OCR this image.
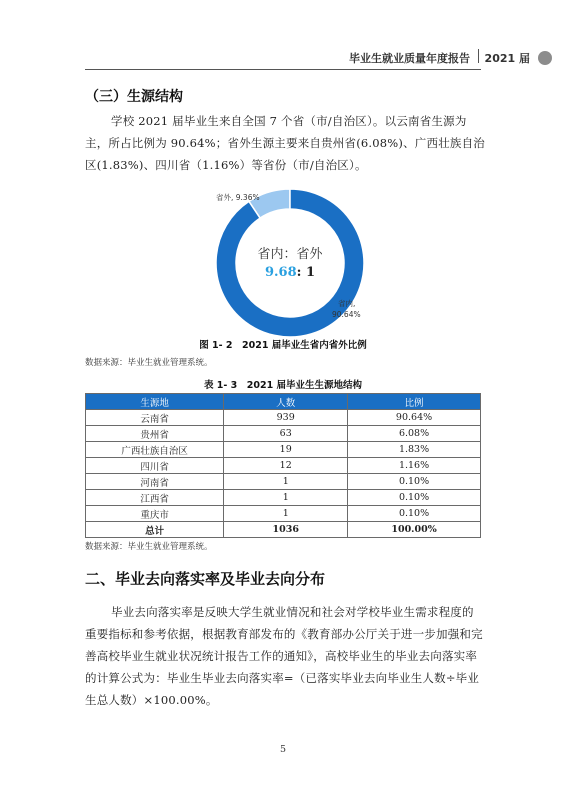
毕业生就业质量年度报告 2021 届
（三）生源结构
学校 2021 届毕业生来自全国 7 个省（市/自治区）。以云南省生源为主，所占比例为 90.64%；省外生源主要来自贵州省(6.08%)、广西壮族自治区(1.83%)、四川省（1.16%）等省份（市/自治区）。
省外, 9.36%
省内：省外
9.68: 1
省内,
90.64%
图 1- 2　2021 届毕业生省内省外比例
数据来源：毕业生就业管理系统。
表 1- 3　2021 届毕业生生源地结构
生源地	人数	比例
云南省	939	90.64%
贵州省	63	6.08%
广西壮族自治区	19	1.83%
四川省	12	1.16%
河南省	1	0.10%
江西省	1	0.10%
重庆市	1	0.10%
总计	1036	100.00%
数据来源：毕业生就业管理系统。
二、毕业去向落实率及毕业去向分布
毕业去向落实率是反映大学生就业情况和社会对学校毕业生需求程度的重要指标和参考依据，根据教育部发布的《教育部办公厅关于进一步加强和完善高校毕业生就业状况统计报告工作的通知》，高校毕业生的毕业去向落实率的计算公式为：毕业生毕业去向落实率=（已落实毕业去向毕业生人数÷毕业生总人数）×100.00%。
5
